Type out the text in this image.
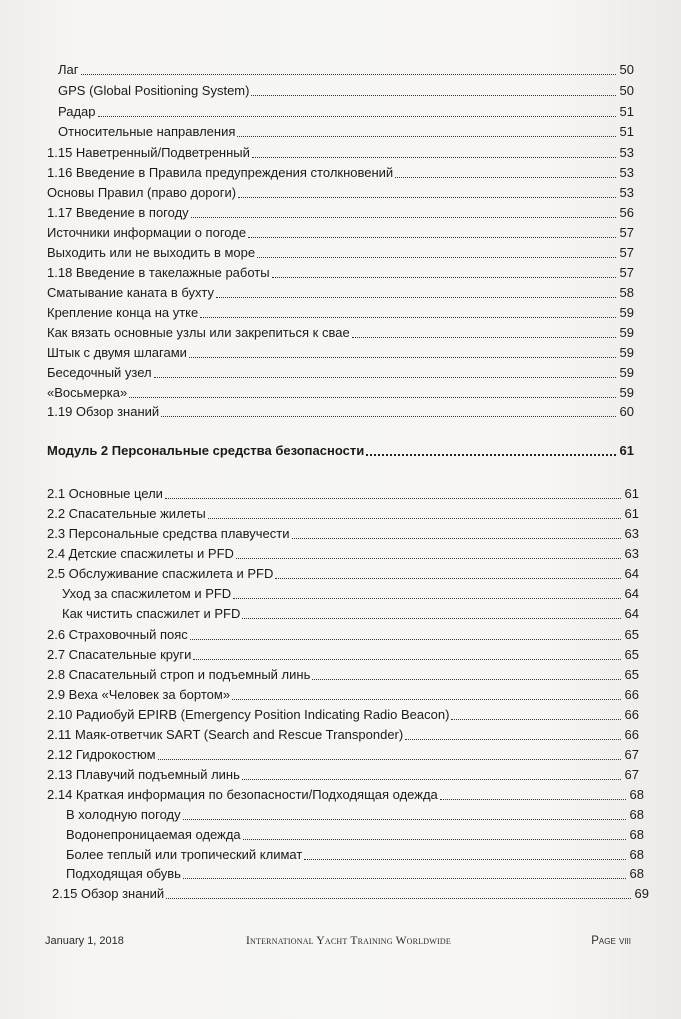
Лаг	50
GPS (Global Positioning System)	50
Радар	51
Относительные направления	51
1.15 Наветренный/Подветренный	53
1.16 Введение в Правила предупреждения столкновений	53
Основы Правил (право дороги)	53
1.17 Введение в погоду	56
Источники информации о погоде	57
Выходить или не выходить в море	57
1.18 Введение в такелажные работы	57
Сматывание каната в бухту	58
Крепление конца на утке	59
Как вязать основные узлы или закрепиться к свае	59
Штык с двумя шлагами	59
Беседочный узел	59
«Восьмерка»	59
1.19 Обзор знаний	60
Модуль 2 Персональные средства безопасности	61
2.1 Основные цели	61
2.2 Спасательные жилеты	61
2.3 Персональные средства плавучести	63
2.4 Детские спасжилеты и PFD	63
2.5 Обслуживание спасжилета и PFD	64
Уход за спасжилетом и PFD	64
Как чистить спасжилет и PFD	64
2.6 Страховочный пояс	65
2.7 Спасательные круги	65
2.8 Спасательный строп и подъемный линь	65
2.9 Веха «Человек за бортом»	66
2.10 Радиобуй EPIRB (Emergency Position Indicating Radio Beacon)	66
2.11 Маяк-ответчик SART (Search and Rescue Transponder)	66
2.12 Гидрокостюм	67
2.13 Плавучий подъемный линь	67
2.14 Краткая информация по безопасности/Подходящая одежда	68
В холодную погоду	68
Водонепроницаемая одежда	68
Более теплый или тропический климат	68
Подходящая обувь	68
2.15 Обзор знаний	69
January 1, 2018	International Yacht Training Worldwide	Page viii
